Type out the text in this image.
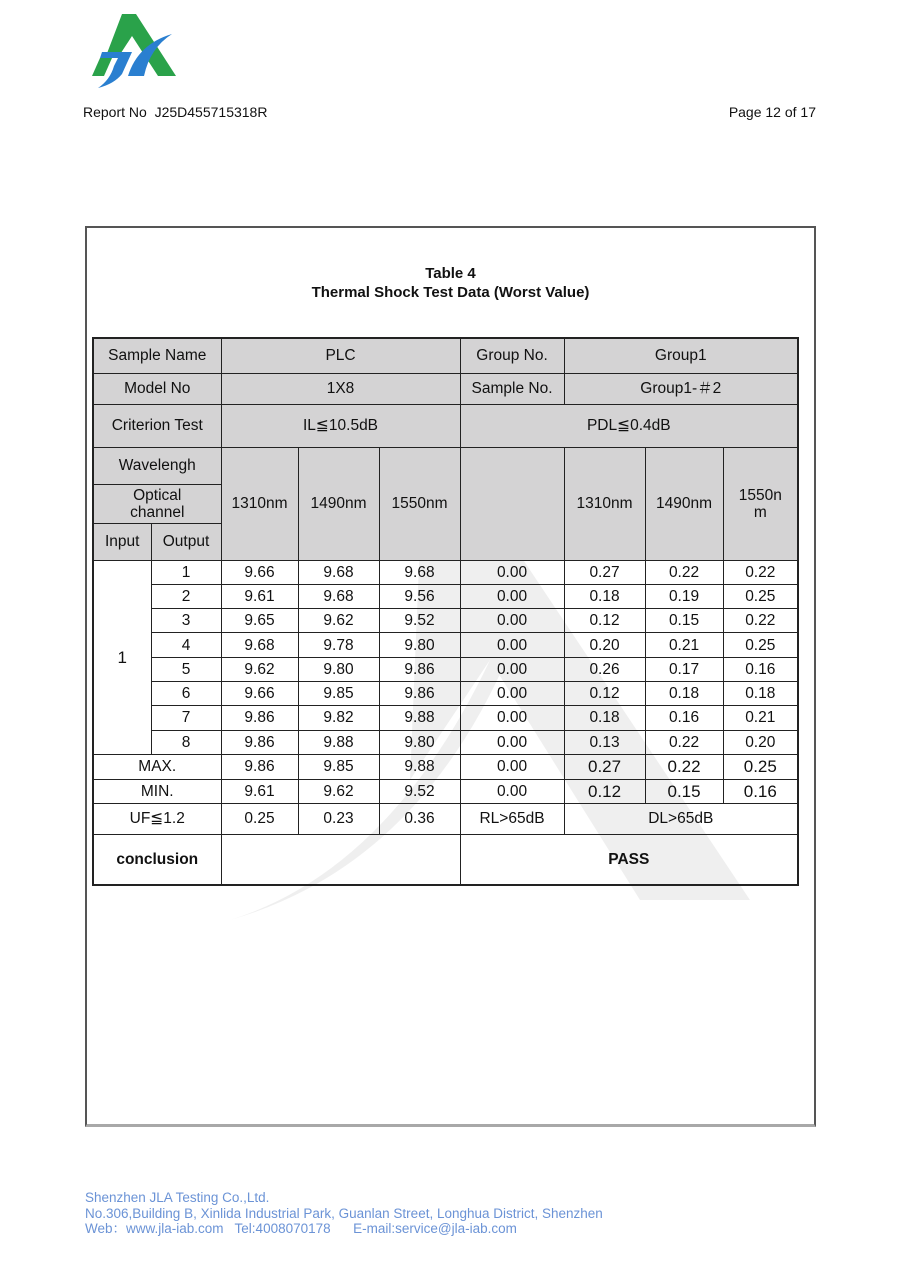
Report No  J25D455715318R	Page 12 of 17
Table 4
Thermal Shock Test Data (Worst Value)
Sample Name		PLC			Group No.	Group1		
Model No		1X8			Sample No.	Group1-＃2		
Criterion Test		IL≦10.5dB			PDL≦0.4dB			
Wavelengh		1310nm	1490nm	1550nm		1310nm	1490nm	1550n m
Optical channel								
Input	Output							
1	1	9.66	9.68	9.68	0.00	0.27	0.22	0.22
	2	9.61	9.68	9.56	0.00	0.18	0.19	0.25
	3	9.65	9.62	9.52	0.00	0.12	0.15	0.22
	4	9.68	9.78	9.80	0.00	0.20	0.21	0.25
	5	9.62	9.80	9.86	0.00	0.26	0.17	0.16
	6	9.66	9.85	9.86	0.00	0.12	0.18	0.18
	7	9.86	9.82	9.88	0.00	0.18	0.16	0.21
	8	9.86	9.88	9.80	0.00	0.13	0.22	0.20
MAX.		9.86	9.85	9.88	0.00	0.27	0.22	0.25
MIN.		9.61	9.62	9.52	0.00	0.12	0.15	0.16
UF≦1.2		0.25	0.23	0.36	RL>65dB	DL>65dB		
conclusion					PASS			
Shenzhen JLA Testing Co.,Ltd.
No.306,Building B, Xinlida Industrial Park, Guanlan Street, Longhua District, Shenzhen
Web：www.jla-iab.com   Tel:4008070178      E-mail:service@jla-iab.com
